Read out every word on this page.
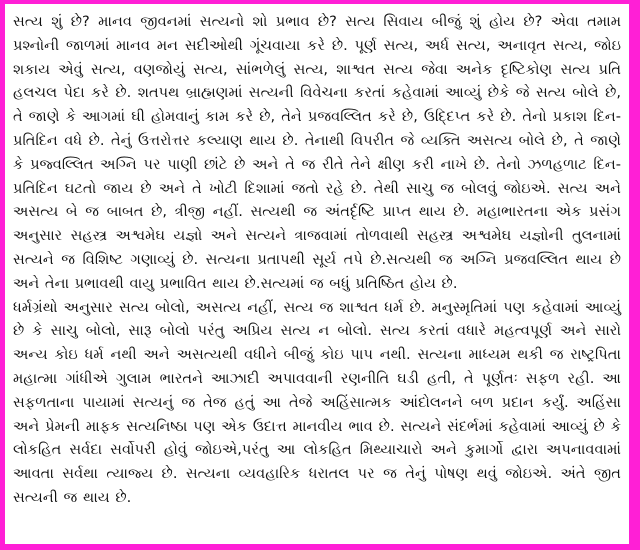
સત્ય શું છે? માનવ જીવનમાં સત્યનો શો પ્રભાવ છે? સત્ય સિવાય બીજું શું હોય છે? એવા તમામ પ્રશ્નોની જાળમાં માનવ મન સદીઓથી ગૂંચવાયા કરે છે. પૂર્ણ સત્ય, અર્ધ સત્ય, અનાવૃત સત્ય, જોઇ શકાય એવું સત્ય, વણજોયું સત્ય, સાંભળેલું સત્ય, શાશ્વત સત્ય જેવા અનેક દૃષ્ટિકોણ સત્ય પ્રતિ હલચલ પેદા કરે છે. શતપથ બ્રાહ્મણમાં સત્યની વિવેચના કરતાં કહેવામાં આવ્યું છેકે જે સત્ય બોલે છે, તે જાણે કે આગમાં ઘી હોમવાનું કામ કરે છે, તેને પ્રજવલ્લિત કરે છે, ઉદ્દિપ્ત કરે છે. તેનો પ્રકાશ દિન-પ્રતિદિન વધે છે. તેનું ઉત્તરોત્તર કલ્યાણ થાય છે. તેનાથી વિપરીત જે વ્યક્તિ અસત્ય બોલે છે, તે જાણે કે પ્રજ્વલ્લિત અગ્નિ પર પાણી છાંટે છે અને તે જ રીતે તેને ક્ષીણ કરી નાખે છે. તેનો ઝળહળાટ દિન-પ્રતિદિન ઘટતો જાય છે અને તે ખોટી દિશામાં જતો રહે છે. તેથી સાચુ જ બોલવું જોઇએ. સત્ય અને અસત્ય બે જ બાબત છે, ત્રીજી નહીં. સત્યથી જ અંતર્દૃષ્ટિ પ્રાપ્ત થાય છે. મહાભારતના એક પ્રસંગ અનુસાર સહસ્ત્ર અશ્વમેઘ યજ્ઞો અને સત્યને ત્રાજવામાં તોળવાથી સહસ્ત્ર અશ્વમેઘ યજ્ઞોની તુલનામાં સત્યને જ વિશિષ્ટ ગણાવ્યું છે. સત્યના પ્રતાપથી સૂર્ય તપે છે.સત્યથી જ અગ્નિ પ્રજવલ્લિત થાય છે અને તેના પ્રભાવથી વાયુ પ્રભાવિત થાય છે.સત્યમાં જ બધું પ્રતિષ્ઠિત હોય છે.

ધર્મગ્રંથો અનુસાર સત્ય બોલો, અસત્ય નહીં, સત્ય જ શાશ્વત ધર્મ છે. મનુસ્મૃતિમાં પણ કહેવામાં આવ્યું છે કે સાચુ બોલો, સારૂ બોલો પરંતુ અપ્રિય સત્ય ન બોલો. સત્ય કરતાં વધારે મહત્વપૂર્ણ અને સારો અન્ય કોઇ ધર્મ નથી અને અસત્યથી વધીને બીજું કોઇ પાપ નથી. સત્યના માધ્યમ થકી જ રાષ્ટ્રપિતા મહાત્મા ગાંધીએ ગુલામ ભારતને આઝાદી અપાવવાની રણનીતિ ઘડી હતી, તે પૂર્ણતઃ સફળ રહી. આ સફળતાના પાયામાં સત્યનું જ તેજ હતું આ તેજે અહિંસાત્મક આંદોલનને બળ પ્રદાન કર્યું. અહિંસા અને પ્રેમની માફક સત્યનિષ્ઠા પણ એક ઉદાત્ત માનવીય ભાવ છે. સત્યને સંદર્ભમાં કહેવામાં આવ્યું છે કે લોકહિત સર્વદા સર્વોપરી હોવું જોઇએ,પરંતુ આ લોકહિત મિથ્યાચારો અને કુમાર્ગો દ્વારા અપનાવવામાં આવતા સર્વથા ત્યાજ્ય છે. સત્યના વ્યવહારિક ધરાતલ પર જ તેનું પોષણ થવું જોઇએ. અંતે જીત સત્યની જ થાય છે.
